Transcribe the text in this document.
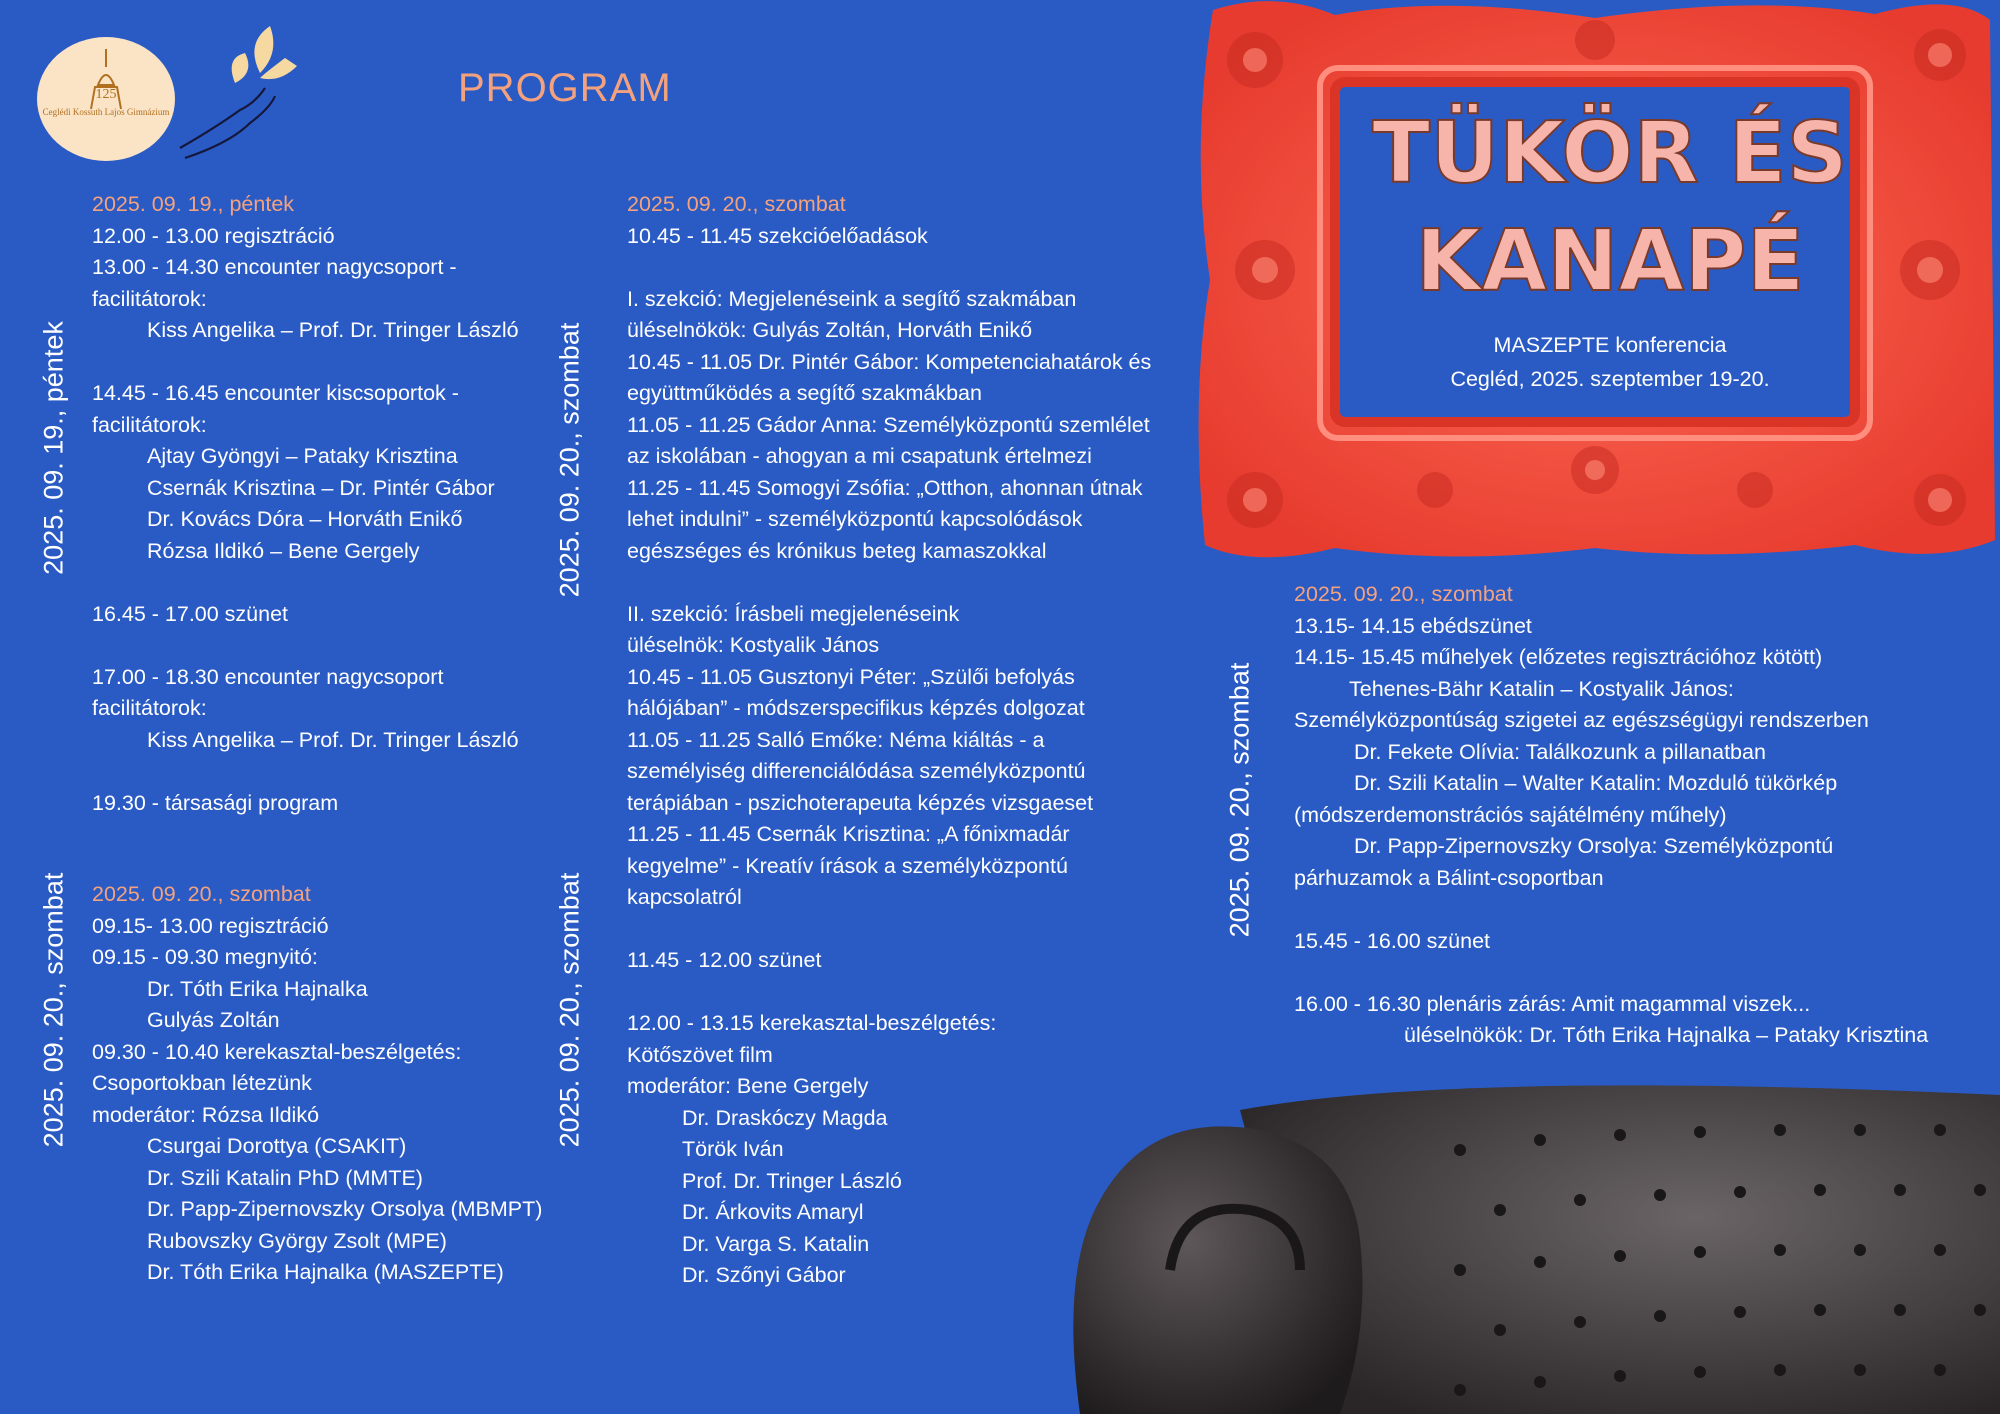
125
Ceglédi Kossuth Lajos Gimnázium
PROGRAM
TÜKÖR ÉS
KANAPÉ
MASZEPTE konferencia
Cegléd, 2025. szeptember 19-20.
2025. 09. 19., péntek	2025. 09. 20., szombat
2025. 09. 20., szombat	2025. 09. 20., szombat
2025. 09. 20., szombat
2025. 09. 19., péntek
12.00 - 13.00 regisztráció
13.00 - 14.30 encounter nagycsoport -
facilitátorok:
Kiss Angelika – Prof. Dr. Tringer László
14.45 - 16.45 encounter kiscsoportok -
facilitátorok:
Ajtay Gyöngyi – Pataky Krisztina
Csernák Krisztina – Dr. Pintér Gábor
Dr. Kovács Dóra – Horváth Enikő
Rózsa Ildikó – Bene Gergely
16.45 - 17.00 szünet
17.00 - 18.30 encounter nagycsoport
facilitátorok:
Kiss Angelika – Prof. Dr. Tringer László
19.30 - társasági program
2025. 09. 20., szombat
09.15- 13.00 regisztráció
09.15 - 09.30 megnyitó:
Dr. Tóth Erika Hajnalka
Gulyás Zoltán
09.30 - 10.40 kerekasztal-beszélgetés:
Csoportokban létezünk
moderátor: Rózsa Ildikó
Csurgai Dorottya (CSAKIT)
Dr. Szili Katalin PhD (MMTE)
Dr. Papp-Zipernovszky Orsolya (MBMPT)
Rubovszky György Zsolt (MPE)
Dr. Tóth Erika Hajnalka (MASZEPTE)
2025. 09. 20., szombat
10.45 - 11.45 szekcióelőadások
I. szekció: Megjelenéseink a segítő szakmában
üléselnökök: Gulyás Zoltán, Horváth Enikő
10.45 - 11.05 Dr. Pintér Gábor: Kompetenciahatárok és
együttműködés a segítő szakmákban
11.05 - 11.25 Gádor Anna: Személyközpontú szemlélet
az iskolában - ahogyan a mi csapatunk értelmezi
11.25 - 11.45 Somogyi Zsófia: „Otthon, ahonnan útnak
lehet indulni” - személyközpontú kapcsolódások
egészséges és krónikus beteg kamaszokkal
II. szekció: Írásbeli megjelenéseink
üléselnök: Kostyalik János
10.45 - 11.05 Gusztonyi Péter: „Szülői befolyás
hálójában” - módszerspecifikus képzés dolgozat
11.05 - 11.25 Salló Emőke: Néma kiáltás - a
személyiség differenciálódása személyközpontú
terápiában - pszichoterapeuta képzés vizsgaeset
11.25 - 11.45 Csernák Krisztina: „A főnixmadár
kegyelme” - Kreatív írások a személyközpontú
kapcsolatról
11.45 - 12.00 szünet
12.00 - 13.15 kerekasztal-beszélgetés:
Kötőszövet film
moderátor: Bene Gergely
Dr. Draskóczy Magda
Török Iván
Prof. Dr. Tringer László
Dr. Árkovits Amaryl
Dr. Varga S. Katalin
Dr. Szőnyi Gábor
2025. 09. 20., szombat
13.15- 14.15 ebédszünet
14.15- 15.45 műhelyek (előzetes regisztrációhoz kötött)
Tehenes-Bähr Katalin – Kostyalik János:
Személyközpontúság szigetei az egészségügyi rendszerben
Dr. Fekete Olívia: Találkozunk a pillanatban
Dr. Szili Katalin – Walter Katalin: Mozduló tükörkép
(módszerdemonstrációs sajátélmény műhely)
Dr. Papp-Zipernovszky Orsolya: Személyközpontú
párhuzamok a Bálint-csoportban
15.45 - 16.00 szünet
16.00 - 16.30 plenáris zárás: Amit magammal viszek...
üléselnökök: Dr. Tóth Erika Hajnalka – Pataky Krisztina
